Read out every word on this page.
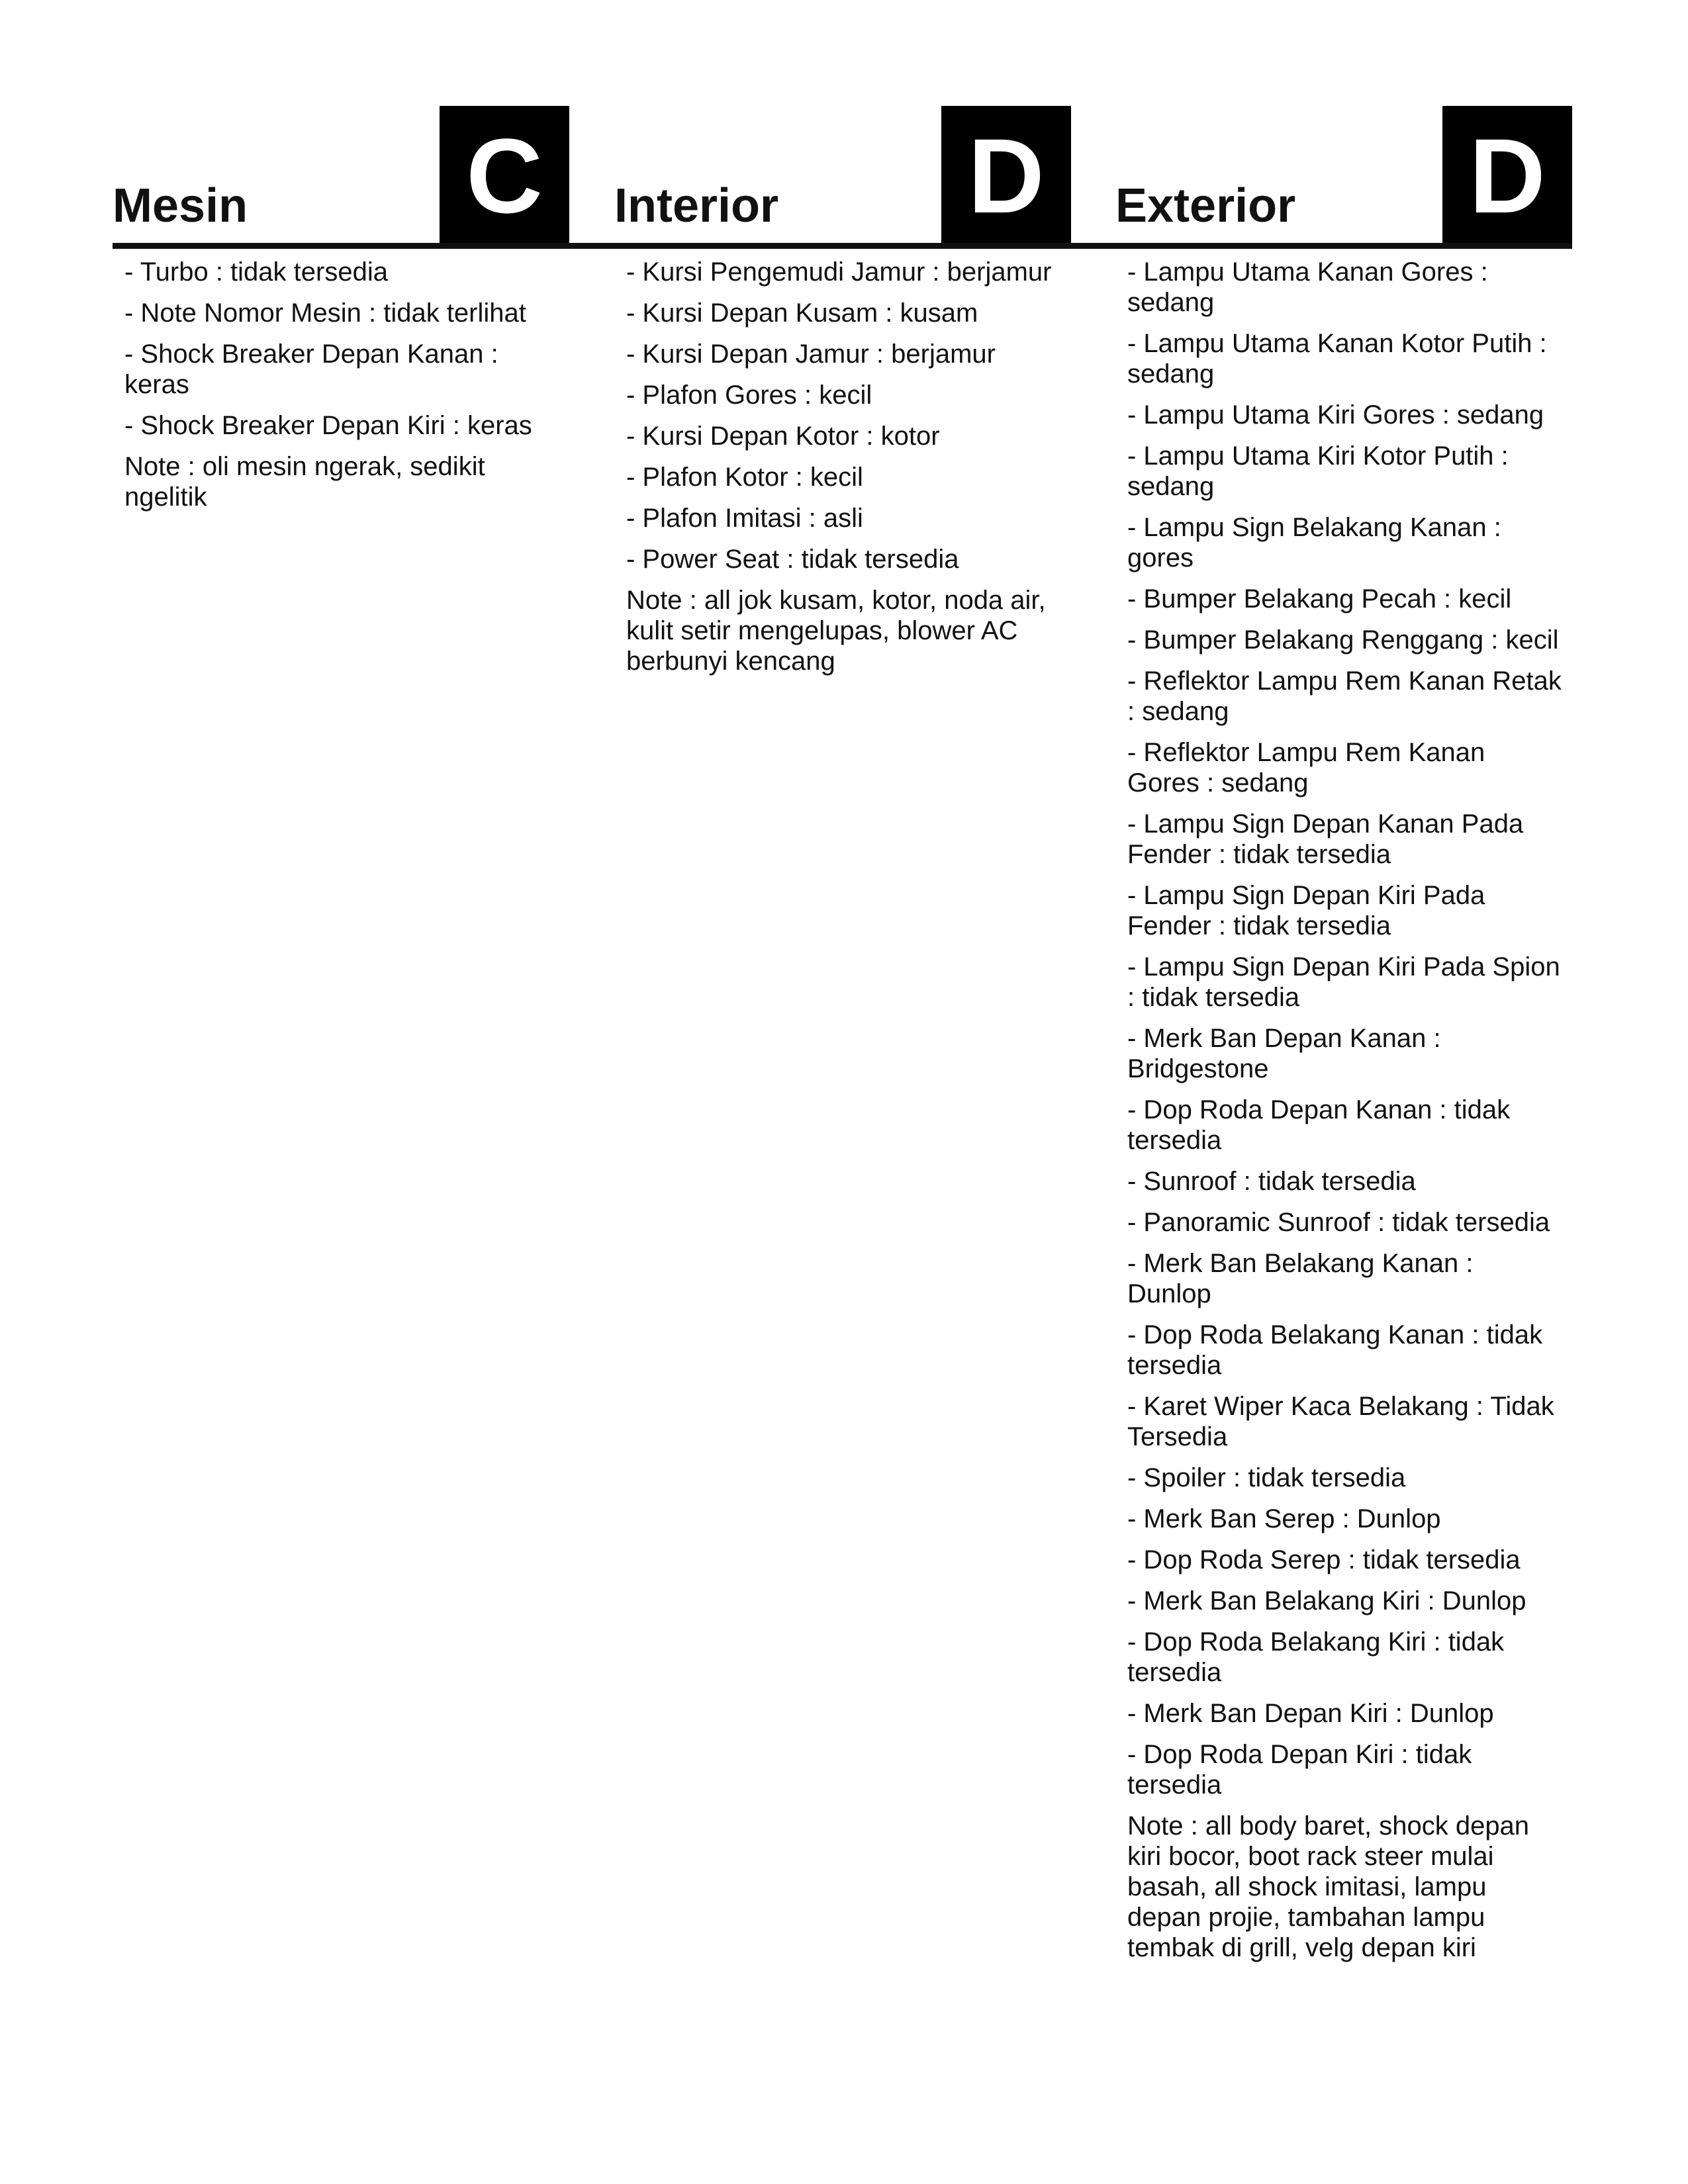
Mesin C	Interior D	Exterior D
- Turbo : tidak tersedia
- Note Nomor Mesin : tidak terlihat
- Shock Breaker Depan Kanan : keras
- Shock Breaker Depan Kiri : keras
Note : oli mesin ngerak, sedikit ngelitik
- Kursi Pengemudi Jamur : berjamur
- Kursi Depan Kusam : kusam
- Kursi Depan Jamur : berjamur
- Plafon Gores : kecil
- Kursi Depan Kotor : kotor
- Plafon Kotor : kecil
- Plafon Imitasi : asli
- Power Seat : tidak tersedia
Note : all jok kusam, kotor, noda air, kulit setir mengelupas, blower AC berbunyi kencang
- Lampu Utama Kanan Gores : sedang
- Lampu Utama Kanan Kotor Putih : sedang
- Lampu Utama Kiri Gores : sedang
- Lampu Utama Kiri Kotor Putih : sedang
- Lampu Sign Belakang Kanan : gores
- Bumper Belakang Pecah : kecil
- Bumper Belakang Renggang : kecil
- Reflektor Lampu Rem Kanan Retak : sedang
- Reflektor Lampu Rem Kanan Gores : sedang
- Lampu Sign Depan Kanan Pada Fender : tidak tersedia
- Lampu Sign Depan Kiri Pada Fender : tidak tersedia
- Lampu Sign Depan Kiri Pada Spion : tidak tersedia
- Merk Ban Depan Kanan : Bridgestone
- Dop Roda Depan Kanan : tidak tersedia
- Sunroof : tidak tersedia
- Panoramic Sunroof : tidak tersedia
- Merk Ban Belakang Kanan : Dunlop
- Dop Roda Belakang Kanan : tidak tersedia
- Karet Wiper Kaca Belakang : Tidak Tersedia
- Spoiler : tidak tersedia
- Merk Ban Serep : Dunlop
- Dop Roda Serep : tidak tersedia
- Merk Ban Belakang Kiri : Dunlop
- Dop Roda Belakang Kiri : tidak tersedia
- Merk Ban Depan Kiri : Dunlop
- Dop Roda Depan Kiri : tidak tersedia
Note : all body baret, shock depan kiri bocor, boot rack steer mulai basah, all shock imitasi, lampu depan projie, tambahan lampu tembak di grill, velg depan kiri
